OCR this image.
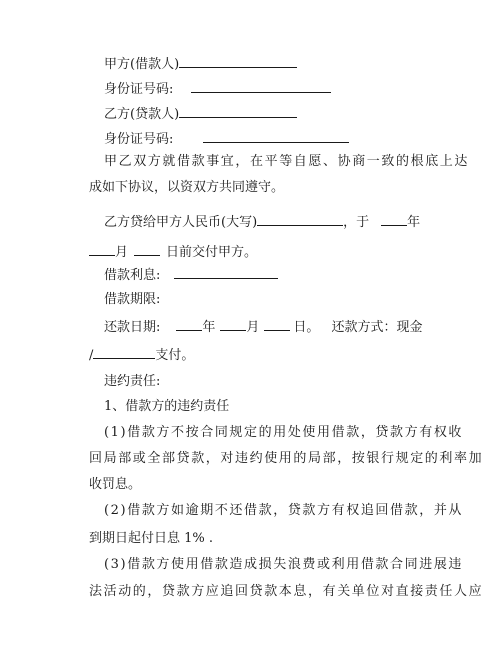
甲方(借款人)
身份证号码:
乙方(贷款人)
身份证号码:
甲乙双方就借款事宜，在平等自愿、协商一致的根底上达
成如下协议，以资双方共同遵守。
乙方贷给甲方人民币(大写)	，于	年
月	日前交付甲方。
借款利息:
借款期限:
还款日期:	年 月	日。 还款方式：现金
/	支付。
违约责任:
1、借款方的违约责任
(1)借款方不按合同规定的用处使用借款，贷款方有权收
回局部或全部贷款，对违约使用的局部，按银行规定的利率加
收罚息。
(2)借款方如逾期不还借款，贷款方有权追回借款，并从
到期日起付日息 1% .
(3)借款方使用借款造成损失浪费或利用借款合同进展违
法活动的，贷款方应追回贷款本息，有关单位对直接责任人应
